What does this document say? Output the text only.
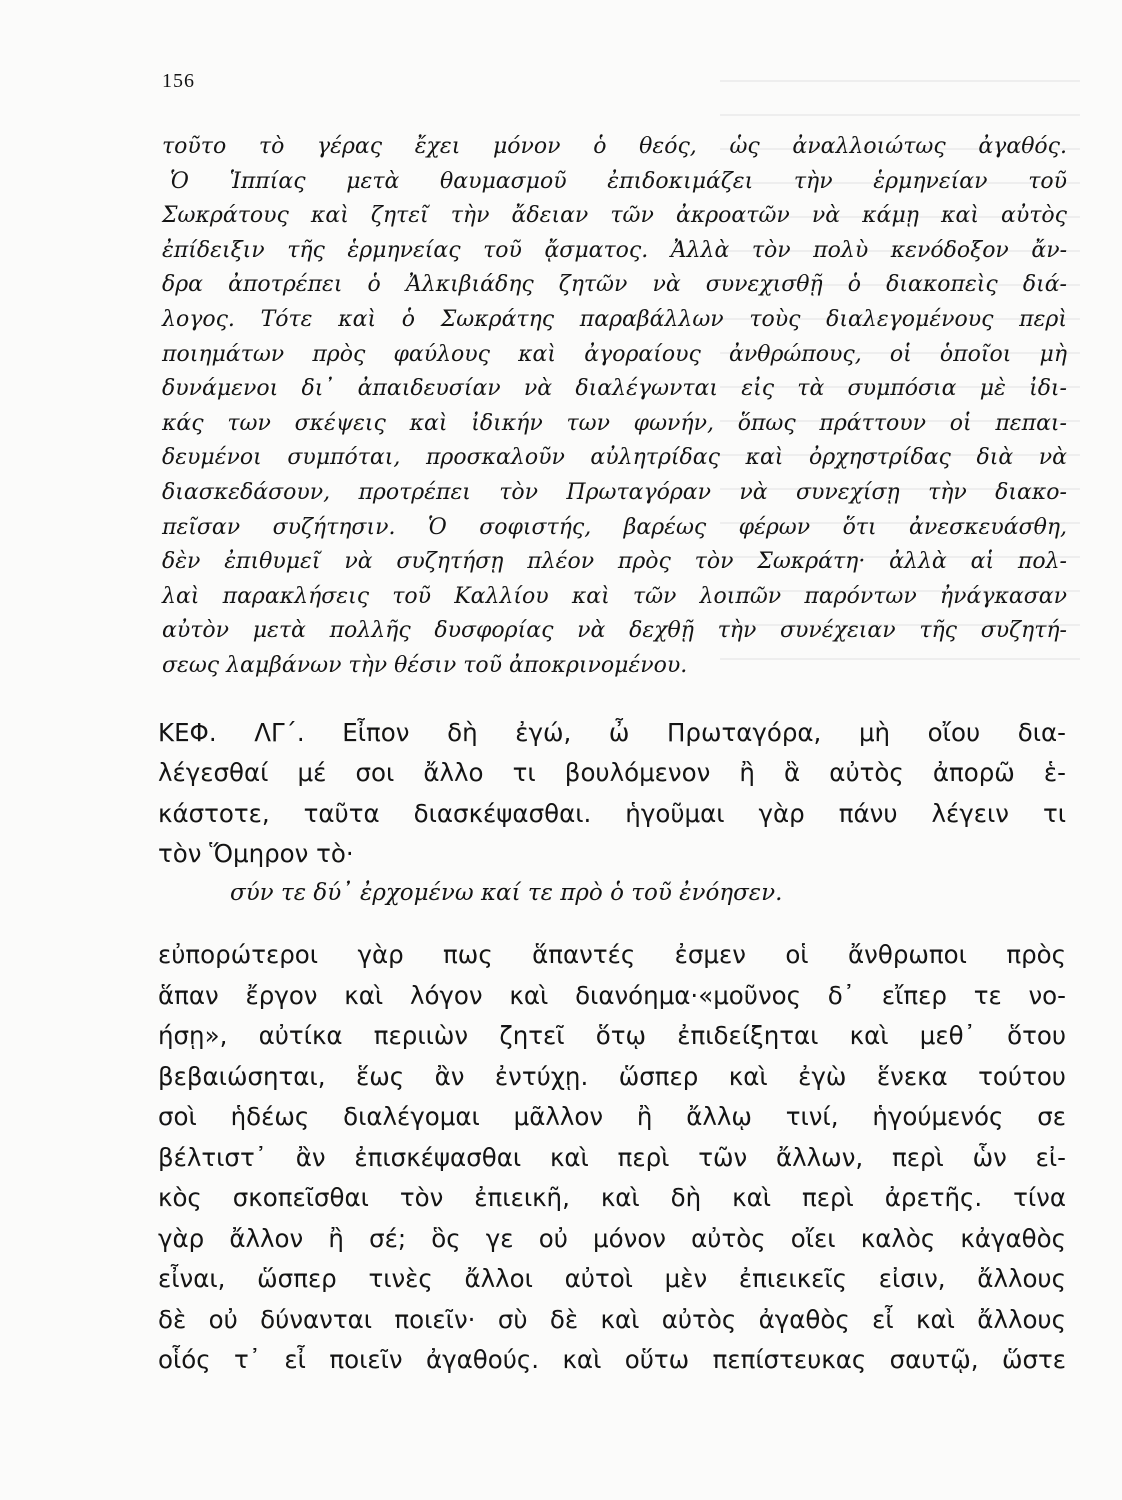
156
τοῦτο τὸ γέρας ἔχει μόνον ὁ θεός, ὡς ἀναλλοιώτως ἀγαθός.
Ὁ Ἱππίας μετὰ θαυμασμοῦ ἐπιδοκιμάζει τὴν ἑρμηνείαν τοῦ
Σωκράτους καὶ ζητεῖ τὴν ἄδειαν τῶν ἀκροατῶν νὰ κάμῃ καὶ αὐτὸς
ἐπίδειξιν τῆς ἑρμηνείας τοῦ ᾄσματος. Ἀλλὰ τὸν πολὺ κενόδοξον ἄν-
δρα ἀποτρέπει ὁ Ἀλκιβιάδης ζητῶν νὰ συνεχισθῇ ὁ διακοπεὶς διά-
λογος. Τότε καὶ ὁ Σωκράτης παραβάλλων τοὺς διαλεγομένους περὶ
ποιημάτων πρὸς φαύλους καὶ ἀγοραίους ἀνθρώπους, οἱ ὁποῖοι μὴ
δυνάμενοι δι᾽ ἀπαιδευσίαν νὰ διαλέγωνται εἰς τὰ συμπόσια μὲ ἰδι-
κάς των σκέψεις καὶ ἰδικήν των φωνήν, ὅπως πράττουν οἱ πεπαι-
δευμένοι συμπόται, προσκαλοῦν αὐλητρίδας καὶ ὀρχηστρίδας διὰ νὰ
διασκεδάσουν, προτρέπει τὸν Πρωταγόραν νὰ συνεχίσῃ τὴν διακο-
πεῖσαν συζήτησιν. Ὁ σοφιστής, βαρέως φέρων ὅτι ἀνεσκευάσθη,
δὲν ἐπιθυμεῖ νὰ συζητήσῃ πλέον πρὸς τὸν Σωκράτη· ἀλλὰ αἱ πολ-
λαὶ παρακλήσεις τοῦ Καλλίου καὶ τῶν λοιπῶν παρόντων ἠνάγκασαν
αὐτὸν μετὰ πολλῆς δυσφορίας νὰ δεχθῇ τὴν συνέχειαν τῆς συζητή-
σεως λαμβάνων τὴν θέσιν τοῦ ἀποκρινομένου.
ΚΕΦ. ΛΓ΄. Εἶπον δὴ ἐγώ, ὦ Πρωταγόρα, μὴ οἴου δια-
λέγεσθαί μέ σοι ἄλλο τι βουλόμενον ἢ ἃ αὐτὸς ἀπορῶ ἑ-
κάστοτε, ταῦτα διασκέψασθαι. ἡγοῦμαι γὰρ πάνυ λέγειν τι
τὸν Ὅμηρον τὸ·
σύν τε δύ᾽ ἐρχομένω καί τε πρὸ ὁ τοῦ ἐνόησεν.
εὐπορώτεροι γὰρ πως ἅπαντές ἐσμεν οἱ ἄνθρωποι πρὸς
ἅπαν ἔργον καὶ λόγον καὶ διανόημα·«μοῦνος δ᾽ εἴπερ τε νο-
ήσῃ», αὐτίκα περιιὼν ζητεῖ ὅτῳ ἐπιδείξηται καὶ μεθ᾽ ὅτου
βεβαιώσηται, ἕως ἂν ἐντύχῃ. ὥσπερ καὶ ἐγὼ ἕνεκα τούτου
σοὶ ἡδέως διαλέγομαι μᾶλλον ἢ ἄλλῳ τινί, ἡγούμενός σε
βέλτιστ᾽ ἂν ἐπισκέψασθαι καὶ περὶ τῶν ἄλλων, περὶ ὧν εἰ-
κὸς σκοπεῖσθαι τὸν ἐπιεικῆ, καὶ δὴ καὶ περὶ ἀρετῆς. τίνα
γὰρ ἄλλον ἢ σέ; ὃς γε οὐ μόνον αὐτὸς οἴει καλὸς κἀγαθὸς
εἶναι, ὥσπερ τινὲς ἄλλοι αὐτοὶ μὲν ἐπιεικεῖς εἰσιν, ἄλλους
δὲ οὐ δύνανται ποιεῖν· σὺ δὲ καὶ αὐτὸς ἀγαθὸς εἶ καὶ ἄλλους
οἷός τ᾽ εἶ ποιεῖν ἀγαθούς. καὶ οὕτω πεπίστευκας σαυτῷ, ὥστε
